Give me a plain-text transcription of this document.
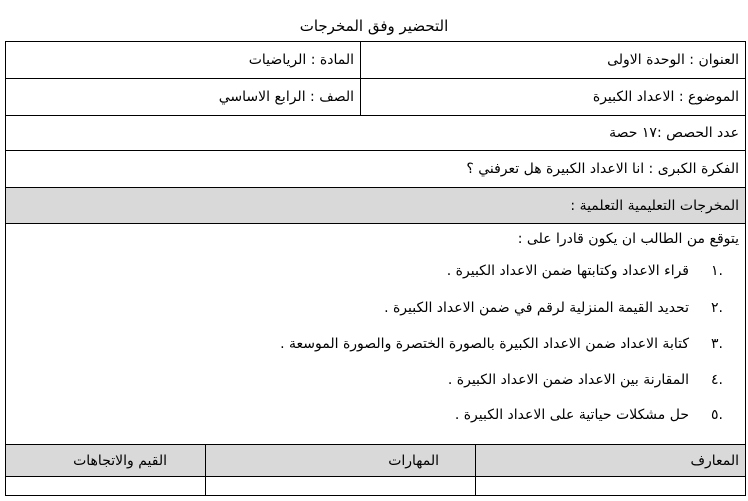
التحضير وفق المخرجات
العنوان : الوحدة الاولى
المادة : الرياضيات
الموضوع : الاعداد الكبيرة
الصف : الرابع الاساسي
عدد الحصص :١٧ حصة
الفكرة الكبرى : انا الاعداد الكبيرة هل تعرفني ؟
المخرجات التعليمية التعلمية :
يتوقع من الطالب ان يكون قادرا على :
.١
قراء الاعداد وكتابتها ضمن الاعداد الكبيرة .
.٢
تحديد القيمة المنزلية لرقم في ضمن الاعداد الكبيرة .
.٣
كتابة الاعداد ضمن الاعداد الكبيرة بالصورة الختصرة والصورة الموسعة .
.٤
المقارنة بين الاعداد ضمن الاعداد الكبيرة .
.٥
حل مشكلات حياتية على الاعداد الكبيرة .
المعارف
المهارات
القيم والاتجاهات
